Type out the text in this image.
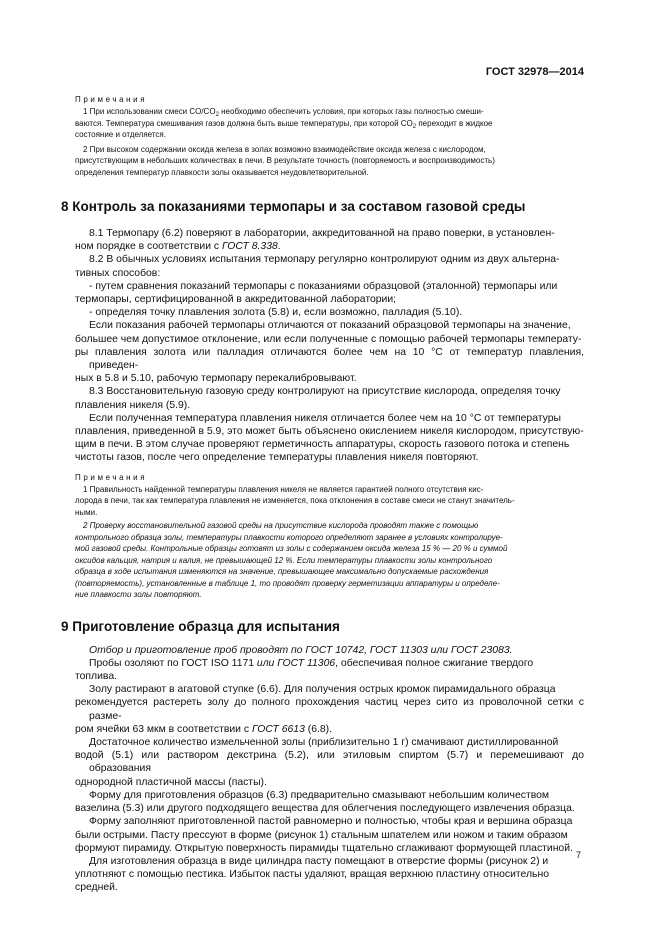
ГОСТ 32978—2014

Примечания

1 При использовании смеси $CO/CO_2$ необходимо обеспечить условия, при которых газы полностью смеши-
ваются. Температура смешивания газов должна быть выше температуры, при которой $CO_2$ переходит в жидкое
состояние и отделяется.

2 При высоком содержании оксида железа в золах возможно взаимодействие оксида железа с кислородом,
присутствующим в небольших количествах в печи. В результате точность (повторяемость и воспроизводимость)
определения температур плавкости золы оказывается неудовлетворительной.

8 Контроль за показаниями термопары и за составом газовой среды

8.1 Термопару (6.2) поверяют в лаборатории, аккредитованной на право поверки, в установлен-
ном порядке в соответствии с ГОСТ 8.338.

8.2 В обычных условиях испытания термопару регулярно контролируют одним из двух альтерна-
тивных способов:

- путем сравнения показаний термопары с показаниями образцовой (эталонной) термопары или
термопары, сертифицированной в аккредитованной лаборатории;

- определяя точку плавления золота (5.8) и, если возможно, палладия (5.10).

Если показания рабочей термопары отличаются от показаний образцовой термопары на значение,
большее чем допустимое отклонение, или если полученные с помощью рабочей термопары температу-
ры плавления золота или палладия отличаются более чем на 10 °С от температур плавления, приведен-
ных в 5.8 и 5.10, рабочую термопару перекалибровывают.

8.3 Восстановительную газовую среду контролируют на присутствие кислорода, определяя точку
плавления никеля (5.9).

Если полученная температура плавления никеля отличается более чем на 10 °С от температуры
плавления, приведенной в 5.9, это может быть объяснено окислением никеля кислородом, присутствую-
щим в печи. В этом случае проверяют герметичность аппаратуры, скорость газового потока и степень
чистоты газов, после чего определение температуры плавления никеля повторяют.

Примечания

1 Правильность найденной температуры плавления никеля не является гарантией полного отсутствия кис-
лорода в печи, так как температура плавления не изменяется, пока отклонения в составе смеси не станут значитель-
ными.

2 Проверку восстановительной газовой среды на присутствие кислорода проводят также с помощью
контрольного образца золы, температуры плавкости которого определяют заранее в условиях контролируе-
мой газовой среды. Контрольные образцы готовят из золы с содержанием оксида железа 15 % — 20 % и суммой
оксидов кальция, натрия и калия, не превышающей 12 %. Если температуры плавкости золы контрольного
образца в ходе испытания изменяются на значение, превышающее максимально допускаемые расхождения
(повторяемость), установленные в таблице 1, то проводят проверку герметизации аппаратуры и определе-
ние плавкости золы повторяют.

9 Приготовление образца для испытания

Отбор и приготовление проб проводят по ГОСТ 10742, ГОСТ 11303 или ГОСТ 23083.

Пробы озоляют по ГОСТ ISO 1171 или ГОСТ 11306, обеспечивая полное сжигание твердого
топлива.

Золу растирают в агатовой ступке (6.6). Для получения острых кромок пирамидального образца
рекомендуется растереть золу до полного прохождения частиц через сито из проволочной сетки с разме-
ром ячейки 63 мкм в соответствии с ГОСТ 6613 (6.8).

Достаточное количество измельченной золы (приблизительно 1 г) смачивают дистиллированной
водой (5.1) или раствором декстрина (5.2), или этиловым спиртом (5.7) и перемешивают до образования
однородной пластичной массы (пасты).

Форму для приготовления образцов (6.3) предварительно смазывают небольшим количеством
вазелина (5.3) или другого подходящего вещества для облегчения последующего извлечения образца.

Форму заполняют приготовленной пастой равномерно и полностью, чтобы края и вершина образца
были острыми. Пасту прессуют в форме (рисунок 1) стальным шпателем или ножом и таким образом
формуют пирамиду. Открытую поверхность пирамиды тщательно сглаживают формующей пластиной.

Для изготовления образца в виде цилиндра пасту помещают в отверстие формы (рисунок 2) и
уплотняют с помощью пестика. Избыток пасты удаляют, вращая верхнюю пластину относительно
средней.

7
